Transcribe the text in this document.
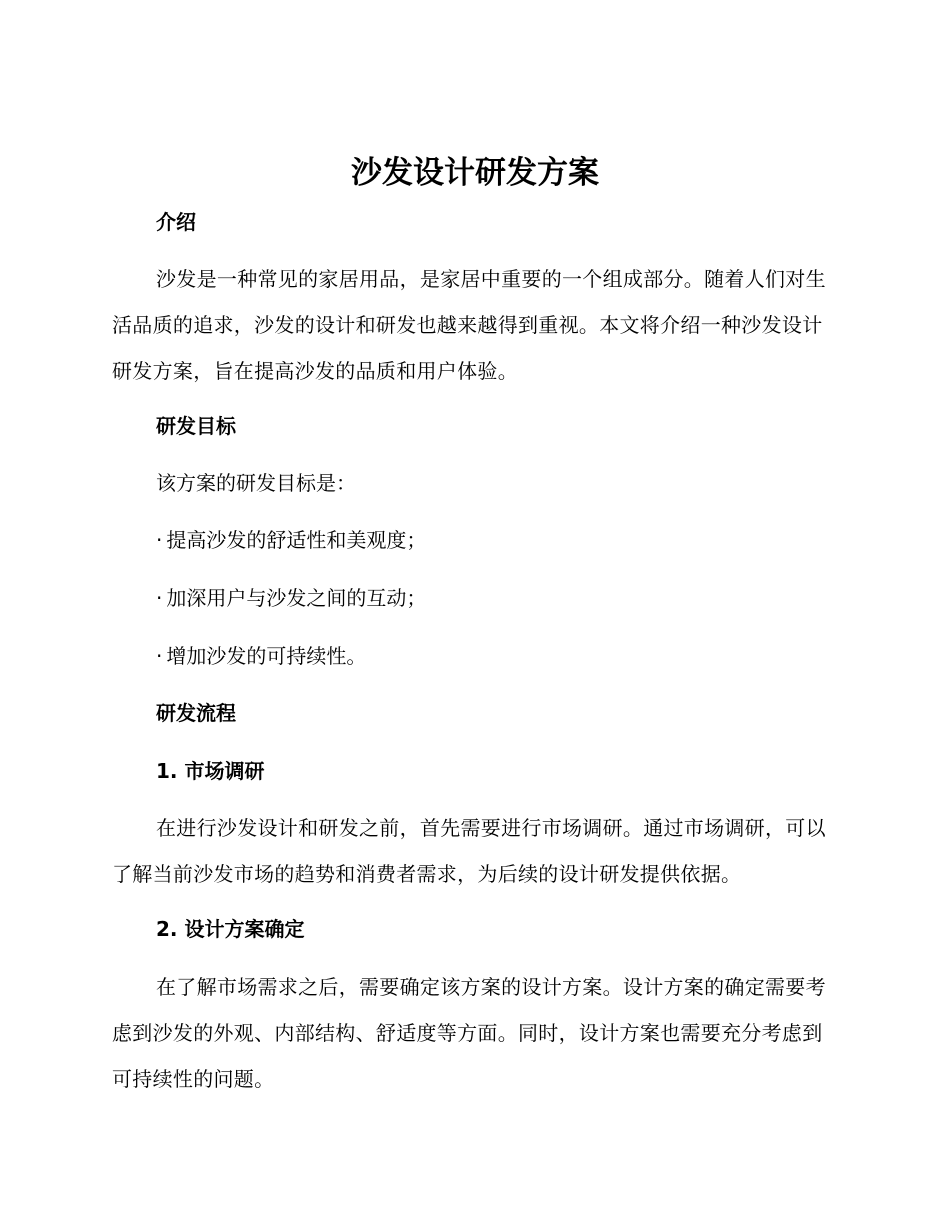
沙发设计研发方案
介绍
沙发是一种常见的家居用品，是家居中重要的一个组成部分。随着人们对生活品质的追求，沙发的设计和研发也越来越得到重视。本文将介绍一种沙发设计研发方案，旨在提高沙发的品质和用户体验。
研发目标
该方案的研发目标是：
· 提高沙发的舒适性和美观度；
· 加深用户与沙发之间的互动；
· 增加沙发的可持续性。
研发流程
1. 市场调研
在进行沙发设计和研发之前，首先需要进行市场调研。通过市场调研，可以了解当前沙发市场的趋势和消费者需求，为后续的设计研发提供依据。
2. 设计方案确定
在了解市场需求之后，需要确定该方案的设计方案。设计方案的确定需要考虑到沙发的外观、内部结构、舒适度等方面。同时，设计方案也需要充分考虑到可持续性的问题。
